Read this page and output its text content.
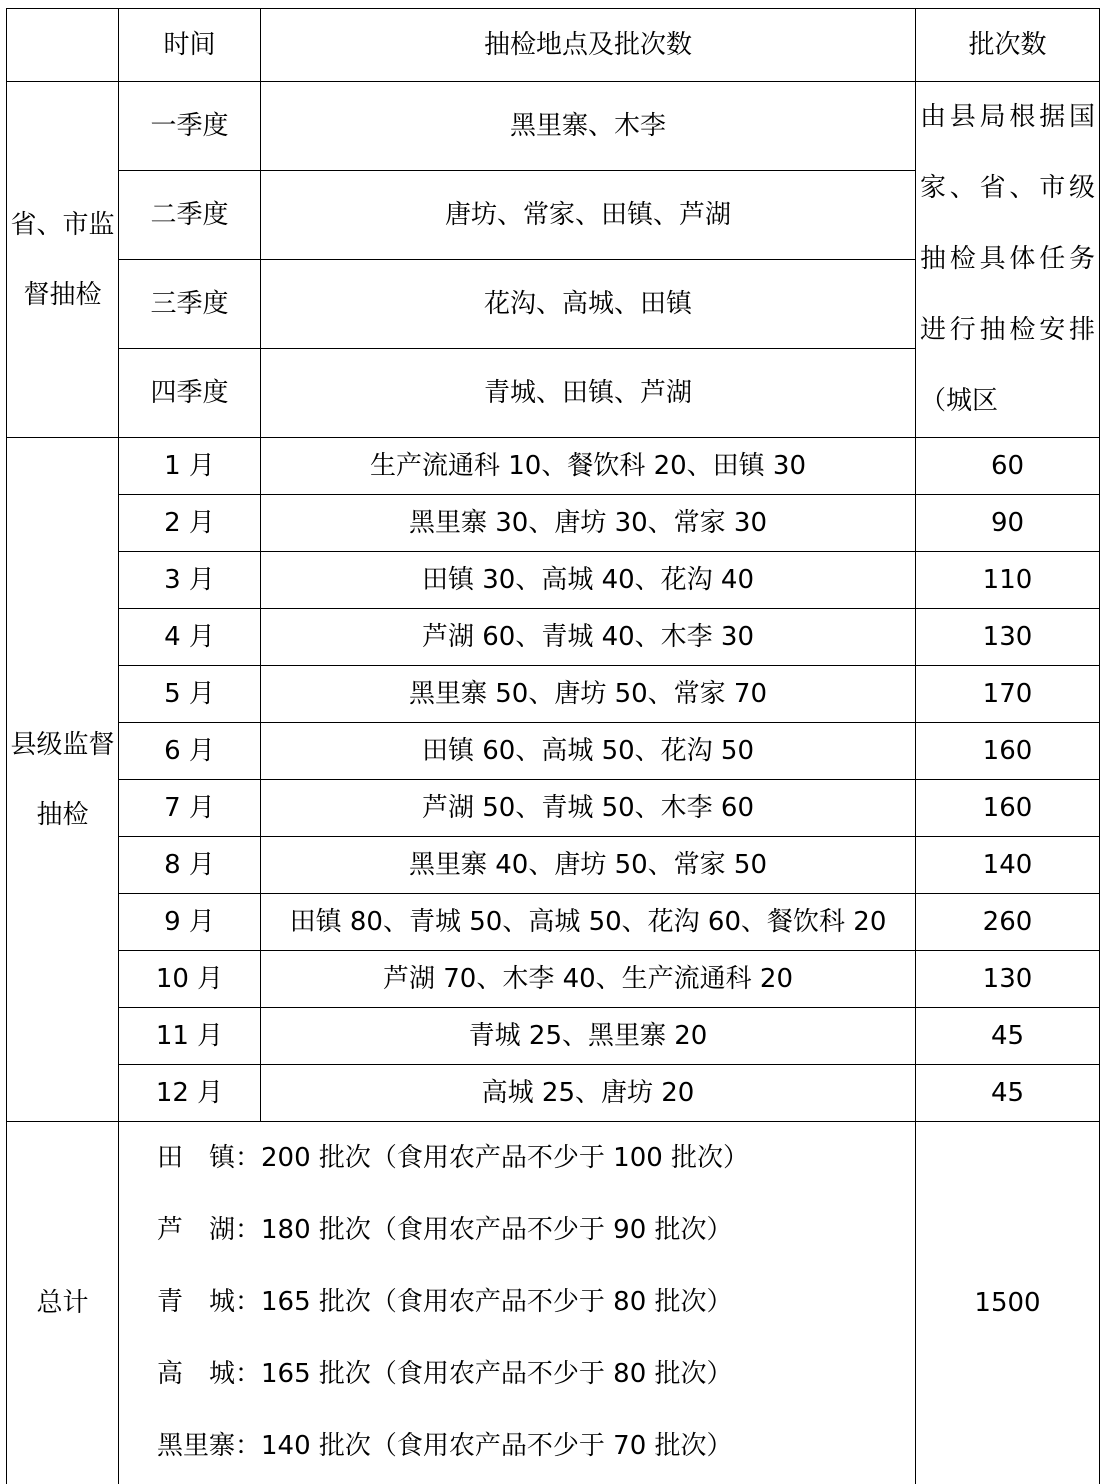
	时间	抽检地点及批次数	批次数

省、市监督抽检	一季度	黑里寨、木李	由县局根据国家、省、市级抽检具体任务进行抽检安排（城区

	二季度	唐坊、常家、田镇、芦湖	
	三季度	花沟、高城、田镇	
	四季度	青城、田镇、芦湖	

县级监督抽检	1 月	生产流通科 10、餐饮科 20、田镇 30	60
	2 月	黑里寨 30、唐坊 30、常家 30	90
	3 月	田镇 30、高城 40、花沟 40	110
	4 月	芦湖 60、青城 40、木李 30	130
	5 月	黑里寨 50、唐坊 50、常家 70	170
	6 月	田镇 60、高城 50、花沟 50	160
	7 月	芦湖 50、青城 50、木李 60	160
	8 月	黑里寨 40、唐坊 50、常家 50	140
	9 月	田镇 80、青城 50、高城 50、花沟 60、餐饮科 20	260
	10 月	芦湖 70、木李 40、生产流通科 20	130
	11 月	青城 25、黑里寨 20	45
	12 月	高城 25、唐坊 20	45
总计	田　镇：200 批次（食用农产品不少于 100 批次）
芦　湖：180 批次（食用农产品不少于 90 批次）
青　城：165 批次（食用农产品不少于 80 批次）
高　城：165 批次（食用农产品不少于 80 批次）
黑里寨：140 批次（食用农产品不少于 70 批次）		1500
